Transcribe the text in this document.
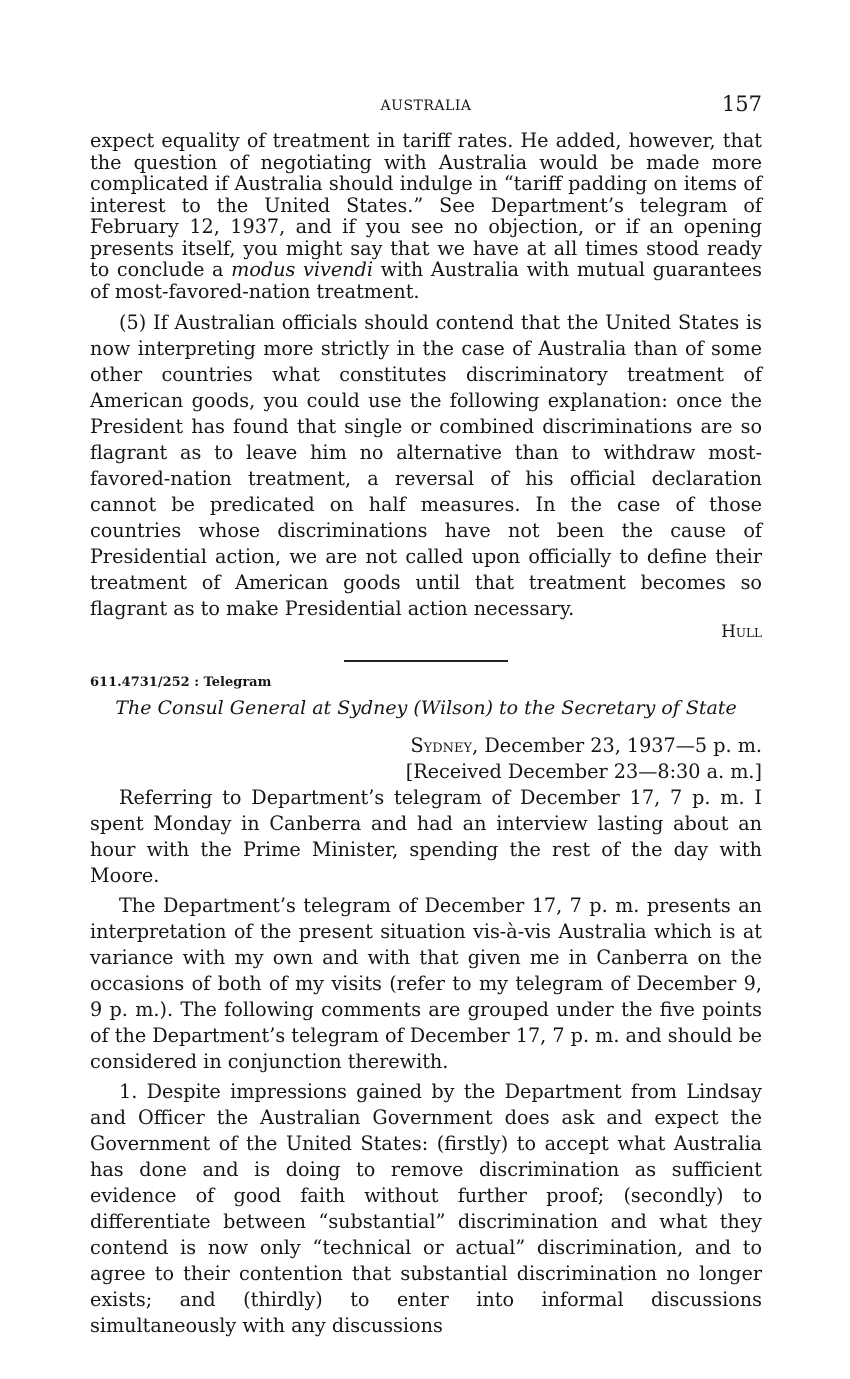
AUSTRALIA	157

expect equality of treatment in tariff rates. He added, however, that the question of negotiating with Australia would be made more complicated if Australia should indulge in “tariff padding on items of interest to the United States.” See Department’s telegram of February 12, 1937, and if you see no objection, or if an opening presents itself, you might say that we have at all times stood ready to conclude a modus vivendi with Australia with mutual guarantees of most-favored-nation treatment.

(5) If Australian officials should contend that the United States is now interpreting more strictly in the case of Australia than of some other countries what constitutes discriminatory treatment of American goods, you could use the following explanation: once the President has found that single or combined discriminations are so flagrant as to leave him no alternative than to withdraw most-favored-nation treatment, a reversal of his official declaration cannot be predicated on half measures. In the case of those countries whose discriminations have not been the cause of Presidential action, we are not called upon officially to define their treatment of American goods until that treatment becomes so flagrant as to make Presidential action necessary.

Hull
611.4731/252 : Telegram
The Consul General at Sydney (Wilson) to the Secretary of State
Sydney, December 23, 1937—5 p. m.
[Received December 23—8:30 a. m.]

Referring to Department’s telegram of December 17, 7 p. m. I spent Monday in Canberra and had an interview lasting about an hour with the Prime Minister, spending the rest of the day with Moore.

The Department’s telegram of December 17, 7 p. m. presents an interpretation of the present situation vis-à-vis Australia which is at variance with my own and with that given me in Canberra on the occasions of both of my visits (refer to my telegram of December 9, 9 p. m.). The following comments are grouped under the five points of the Department’s telegram of December 17, 7 p. m. and should be considered in conjunction therewith.

1. Despite impressions gained by the Department from Lindsay and Officer the Australian Government does ask and expect the Government of the United States: (firstly) to accept what Australia has done and is doing to remove discrimination as sufficient evidence of good faith without further proof; (secondly) to differentiate between “substantial” discrimination and what they contend is now only “technical or actual” discrimination, and to agree to their contention that substantial discrimination no longer exists; and (thirdly) to enter into informal discussions simultaneously with any discussions
